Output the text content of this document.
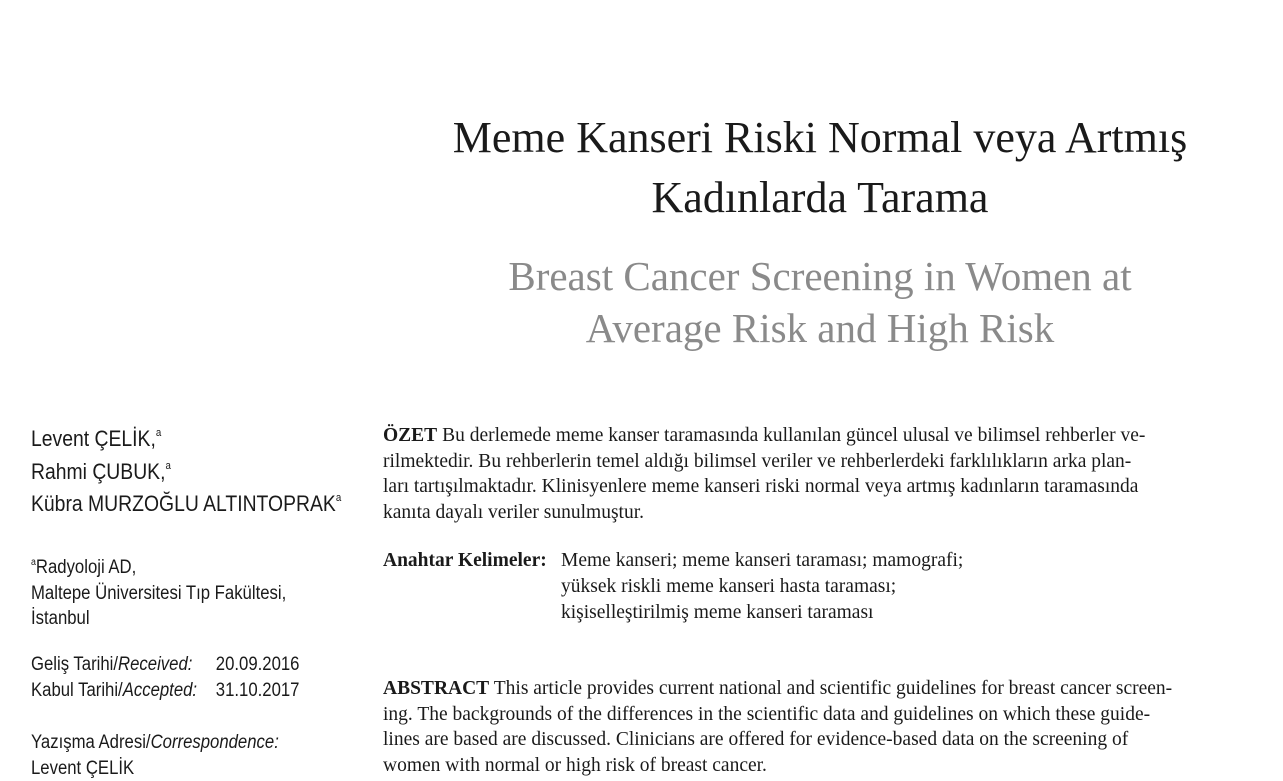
Meme Kanseri Riski Normal veya Artmış
Kadınlarda Tarama
Breast Cancer Screening in Women at
Average Risk and High Risk
Levent ÇELİK,$^a$
Rahmi ÇUBUK,$^a$
Kübra MURZOĞLU ALTINTOPRAK$^a$
$^a$Radyoloji AD,
Maltepe Üniversitesi Tıp Fakültesi,
İstanbul
Geliş Tarihi/Received:	20.09.2016
Kabul Tarihi/Accepted: 31.10.2017
Yazışma Adresi/Correspondence:
Levent ÇELİK
ÖZET Bu derlemede meme kanser taramasında kullanılan güncel ulusal ve bilimsel rehberler ve-
rilmektedir. Bu rehberlerin temel aldığı bilimsel veriler ve rehberlerdeki farklılıkların arka plan-
ları tartışılmaktadır. Klinisyenlere meme kanseri riski normal veya artmış kadınların taramasında
kanıta dayalı veriler sunulmuştur.
Anahtar Kelimeler: Meme kanseri; meme kanseri taraması; mamografi;
yüksek riskli meme kanseri hasta taraması;
kişiselleştirilmiş meme kanseri taraması
ABSTRACT This article provides current national and scientific guidelines for breast cancer screen-
ing. The backgrounds of the differences in the scientific data and guidelines on which these guide-
lines are based are discussed. Clinicians are offered for evidence-based data on the screening of
women with normal or high risk of breast cancer.
